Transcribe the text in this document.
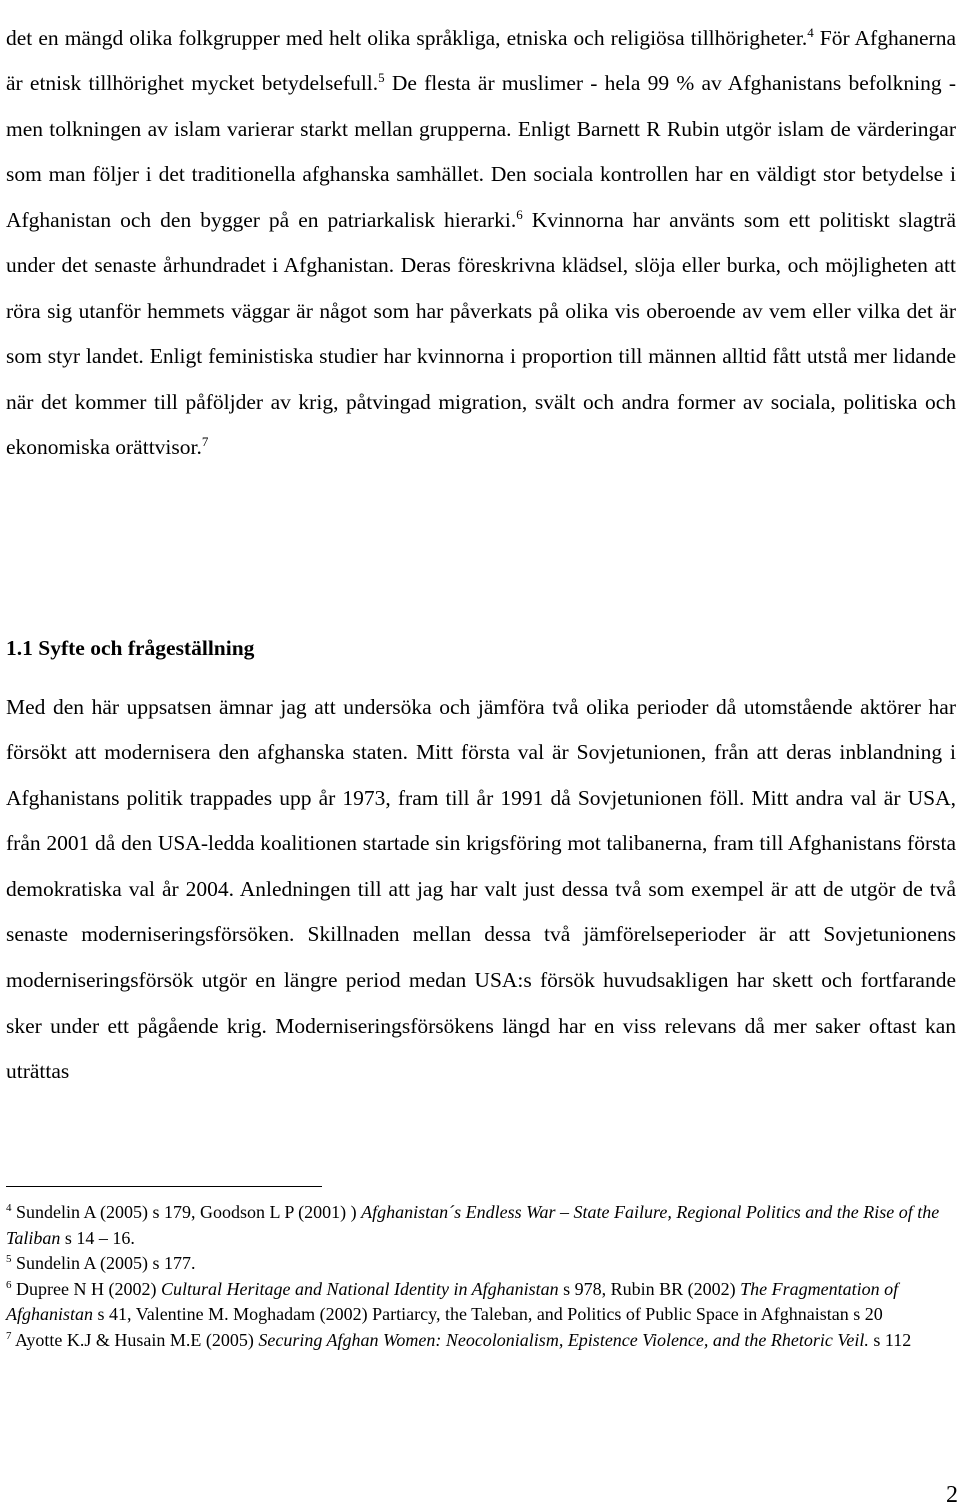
det en mängd olika folkgrupper med helt olika språkliga, etniska och religiösa tillhörigheter.$^4$ För Afghanerna är etnisk tillhörighet mycket betydelsefull.$^5$ De flesta är muslimer - hela 99 % av Afghanistans befolkning - men tolkningen av islam varierar starkt mellan grupperna. Enligt Barnett R Rubin utgör islam de värderingar som man följer i det traditionella afghanska samhället. Den sociala kontrollen har en väldigt stor betydelse i Afghanistan och den bygger på en patriarkalisk hierarki.$^6$ Kvinnorna har använts som ett politiskt slagträ under det senaste århundradet i Afghanistan. Deras föreskrivna klädsel, slöja eller burka, och möjligheten att röra sig utanför hemmets väggar är något som har påverkats på olika vis oberoende av vem eller vilka det är som styr landet. Enligt feministiska studier har kvinnorna i proportion till männen alltid fått utstå mer lidande när det kommer till påföljder av krig, påtvingad migration, svält och andra former av sociala, politiska och ekonomiska orättvisor.$^7$

1.1 Syfte och frågeställning

Med den här uppsatsen ämnar jag att undersöka och jämföra två olika perioder då utomstående aktörer har försökt att modernisera den afghanska staten. Mitt första val är Sovjetunionen, från att deras inblandning i Afghanistans politik trappades upp år 1973, fram till år 1991 då Sovjetunionen föll. Mitt andra val är USA, från 2001 då den USA-ledda koalitionen startade sin krigsföring mot talibanerna, fram till Afghanistans första demokratiska val år 2004. Anledningen till att jag har valt just dessa två som exempel är att de utgör de två senaste moderniseringsförsöken. Skillnaden mellan dessa två jämförelseperioder är att Sovjetunionens moderniseringsförsök utgör en längre period medan USA:s försök huvudsakligen har skett och fortfarande sker under ett pågående krig. Moderniseringsförsökens längd har en viss relevans då mer saker oftast kan uträttas

$^4$ Sundelin A (2005) s 179, Goodson L P (2001) ) Afghanistan´s Endless War – State Failure, Regional Politics and the Rise of the Taliban s 14 – 16.

$^5$ Sundelin A (2005) s 177.

$^6$ Dupree N H (2002) Cultural Heritage and National Identity in Afghanistan s 978, Rubin BR (2002) The Fragmentation of Afghanistan s 41, Valentine M. Moghadam (2002) Partiarcy, the Taleban, and Politics of Public Space in Afghnaistan s 20

$^7$ Ayotte K.J & Husain M.E (2005) Securing Afghan Women: Neocolonialism, Epistence Violence, and the Rhetoric Veil. s 112

2
